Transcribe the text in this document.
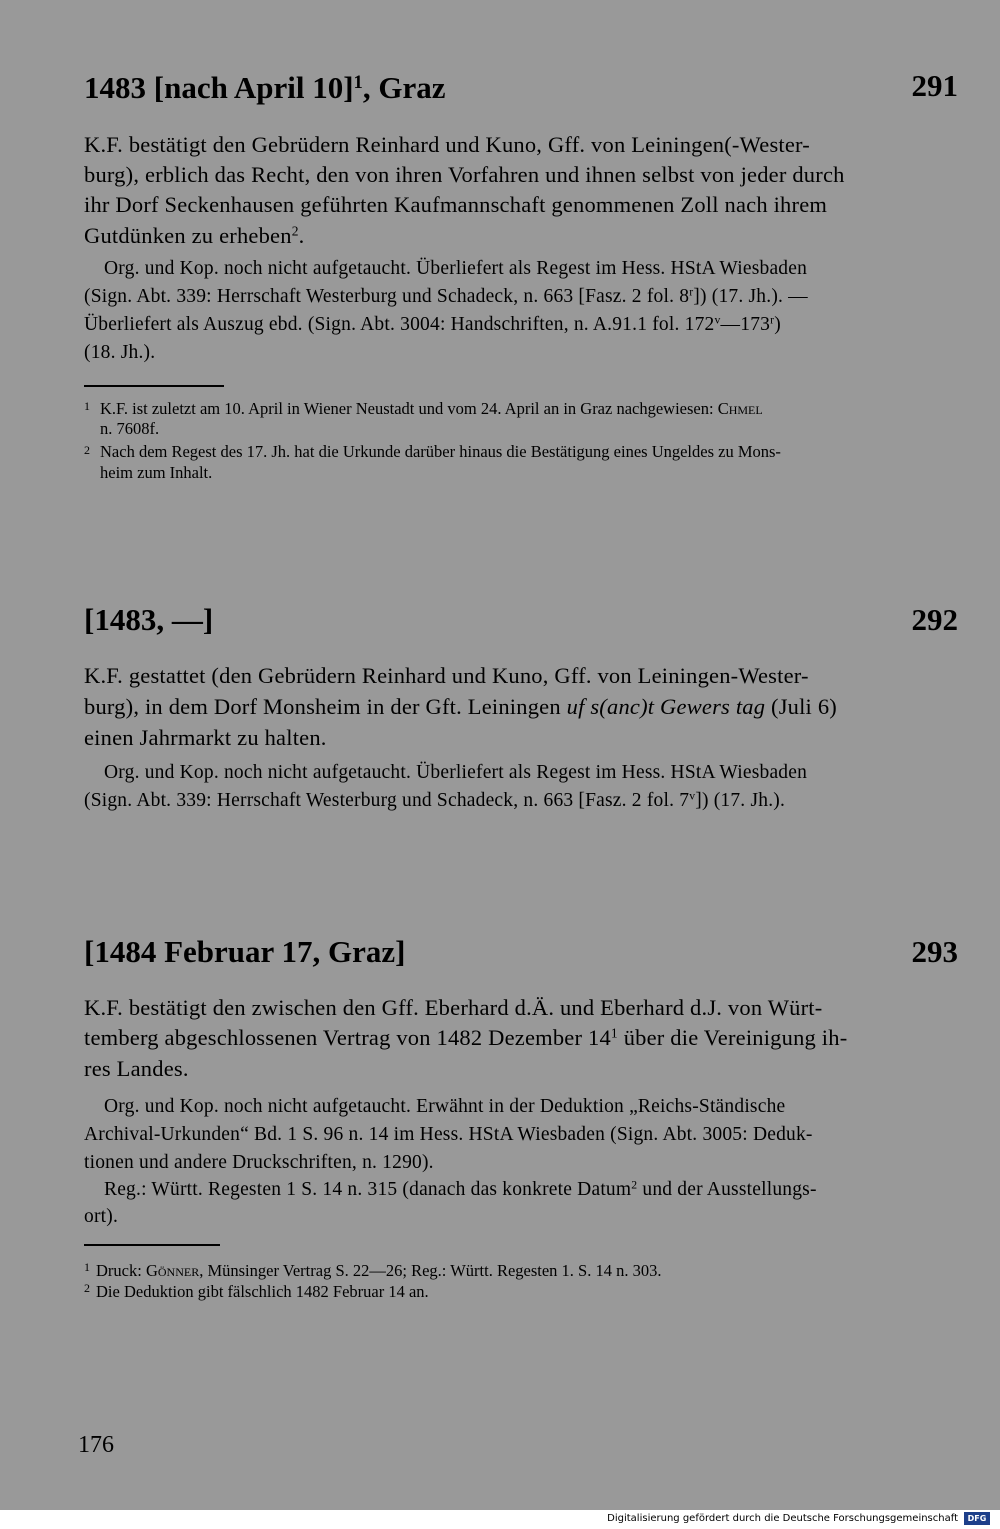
1483 [nach April 10]$^1$, Graz	291
K.F. bestätigt den Gebrüdern Reinhard und Kuno, Gff. von Leiningen(-Wester-
burg), erblich das Recht, den von ihren Vorfahren und ihnen selbst von jeder durch
ihr Dorf Seckenhausen geführten Kaufmannschaft genommenen Zoll nach ihrem
Gutdünken zu erheben$^2$.
Org. und Kop. noch nicht aufgetaucht. Überliefert als Regest im Hess. HStA Wiesbaden
(Sign. Abt. 339: Herrschaft Westerburg und Schadeck, n. 663 [Fasz. 2 fol. 8$^r$]) (17. Jh.). —
Überliefert als Auszug ebd. (Sign. Abt. 3004: Handschriften, n. A.91.1 fol. 172$^v$—173$^r$)
(18. Jh.).
1 K.F. ist zuletzt am 10. April in Wiener Neustadt und vom 24. April an in Graz nachgewiesen: Chmel
n. 7608f.
2 Nach dem Regest des 17. Jh. hat die Urkunde darüber hinaus die Bestätigung eines Ungeldes zu Mons-
heim zum Inhalt.
[1483, —]	292
K.F. gestattet (den Gebrüdern Reinhard und Kuno, Gff. von Leiningen-Wester-
burg), in dem Dorf Monsheim in der Gft. Leiningen uf s(anc)t Gewers tag (Juli 6)
einen Jahrmarkt zu halten.
Org. und Kop. noch nicht aufgetaucht. Überliefert als Regest im Hess. HStA Wiesbaden
(Sign. Abt. 339: Herrschaft Westerburg und Schadeck, n. 663 [Fasz. 2 fol. 7$^v$]) (17. Jh.).
[1484 Februar 17, Graz]	293
K.F. bestätigt den zwischen den Gff. Eberhard d.Ä. und Eberhard d.J. von Würt-
temberg abgeschlossenen Vertrag von 1482 Dezember $14^1$ über die Vereinigung ih-
res Landes.
Org. und Kop. noch nicht aufgetaucht. Erwähnt in der Deduktion „Reichs-Ständische
Archival-Urkunden“ Bd. 1 S. 96 n. 14 im Hess. HStA Wiesbaden (Sign. Abt. 3005: Deduk-
tionen und andere Druckschriften, n. 1290).
Reg.: Württ. Regesten 1 S. 14 n. 315 (danach das konkrete Datum$^2$ und der Ausstellungs-
ort).
1 Druck: Gönner, Münsinger Vertrag S. 22—26; Reg.: Württ. Regesten 1. S. 14 n. 303.
2 Die Deduktion gibt fälschlich 1482 Februar 14 an.
176
Digitalisierung gefördert durch die Deutsche Forschungsgemeinschaft	DFG
